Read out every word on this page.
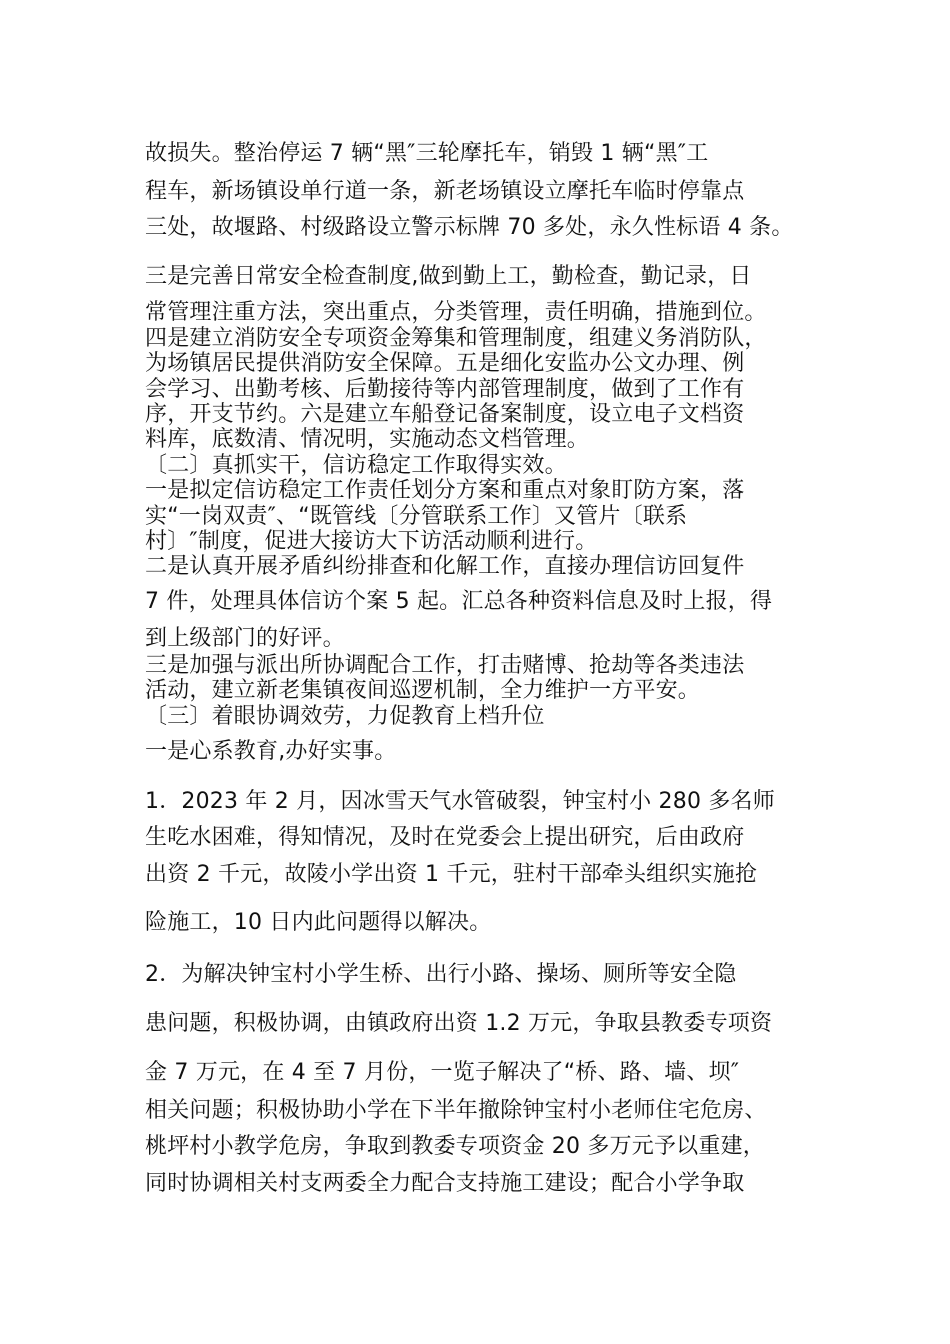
故损失。整治停运 7 辆“黑″三轮摩托车，销毁 1 辆“黑″工
程车，新场镇设单行道一条，新老场镇设立摩托车临时停靠点
三处，故堰路、村级路设立警示标牌 70 多处，永久性标语 4 条。
三是完善日常安全检查制度,做到勤上工，勤检查，勤记录，日
常管理注重方法，突出重点，分类管理，责任明确，措施到位。
四是建立消防安全专项资金筹集和管理制度，组建义务消防队，
为场镇居民提供消防安全保障。五是细化安监办公文办理、例
会学习、出勤考核、后勤接待等内部管理制度，做到了工作有
序，开支节约。六是建立车船登记备案制度，设立电子文档资
料库，底数清、情况明，实施动态文档管理。
〔二〕真抓实干，信访稳定工作取得实效。
一是拟定信访稳定工作责任划分方案和重点对象盯防方案，落
实“一岗双责″、“既管线〔分管联系工作〕又管片〔联系
村〕″制度，促进大接访大下访活动顺利进行。
二是认真开展矛盾纠纷排查和化解工作，直接办理信访回复件
7 件，处理具体信访个案 5 起。汇总各种资料信息及时上报，得
到上级部门的好评。
三是加强与派出所协调配合工作，打击赌博、抢劫等各类违法
活动，建立新老集镇夜间巡逻机制，全力维护一方平安。
〔三〕着眼协调效劳，力促教育上档升位
一是心系教育,办好实事。
1．2023 年 2 月，因冰雪天气水管破裂，钟宝村小 280 多名师
生吃水困难，得知情况，及时在党委会上提出研究，后由政府
出资 2 千元，故陵小学出资 1 千元，驻村干部牵头组织实施抢
险施工，10 日内此问题得以解决。
2．为解决钟宝村小学生桥、出行小路、操场、厕所等安全隐
患问题，积极协调，由镇政府出资 1.2 万元，争取县教委专项资
金 7 万元，在 4 至 7 月份，一览子解决了“桥、路、墙、坝″
相关问题；积极协助小学在下半年撤除钟宝村小老师住宅危房、
桃坪村小教学危房，争取到教委专项资金 20 多万元予以重建，
同时协调相关村支两委全力配合支持施工建设；配合小学争取
